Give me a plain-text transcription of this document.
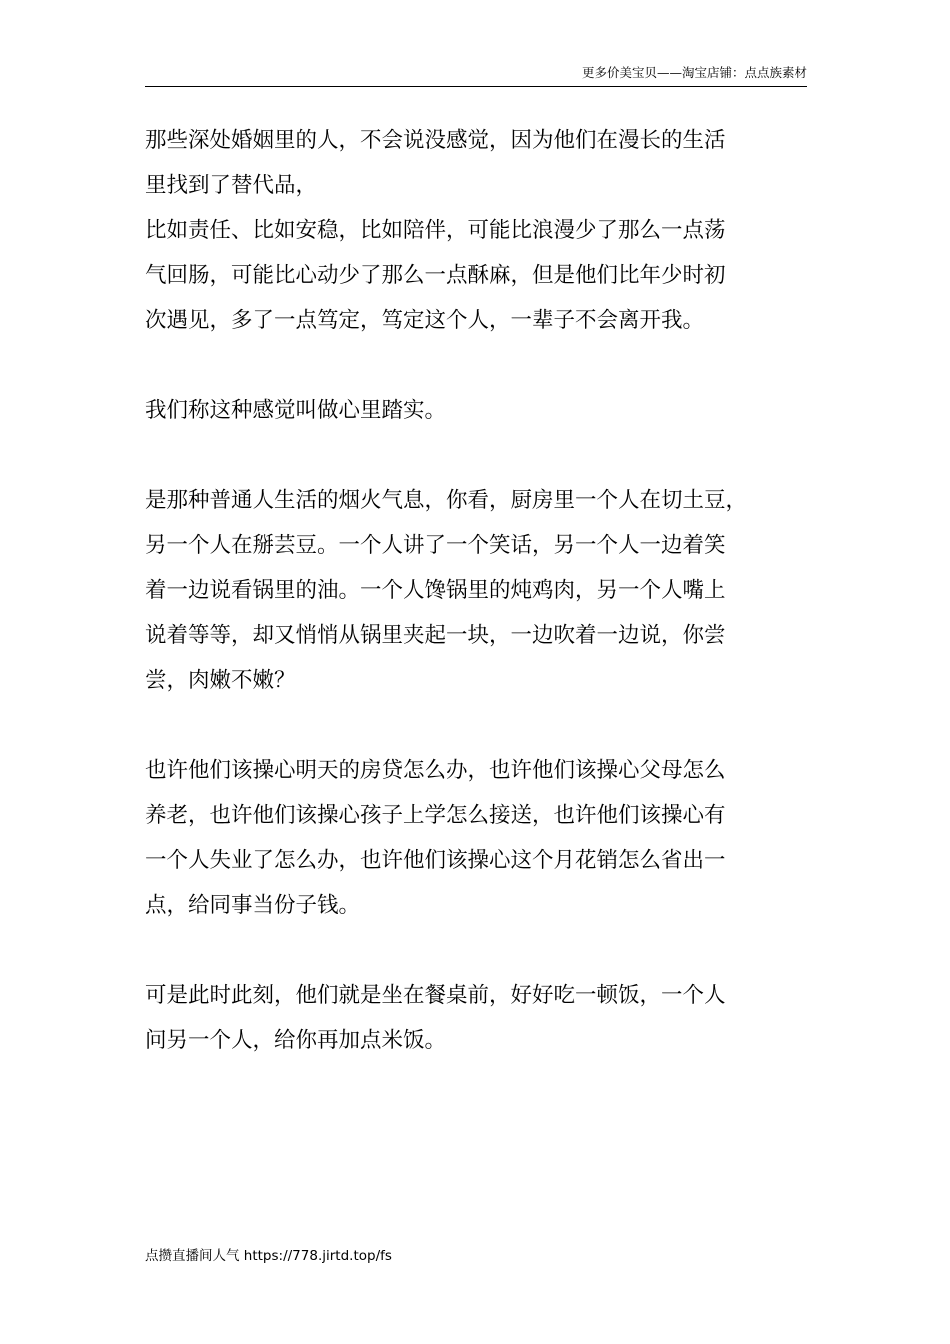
更多价美宝贝——淘宝店铺：点点族素材

那些深处婚姻里的人，不会说没感觉，因为他们在漫长的生活
里找到了替代品，

比如责任、比如安稳，比如陪伴，可能比浪漫少了那么一点荡
气回肠，可能比心动少了那么一点酥麻，但是他们比年少时初
次遇见，多了一点笃定，笃定这个人，一辈子不会离开我。

我们称这种感觉叫做心里踏实。

是那种普通人生活的烟火气息，你看，厨房里一个人在切土豆，
另一个人在掰芸豆。一个人讲了一个笑话，另一个人一边着笑
着一边说看锅里的油。一个人馋锅里的炖鸡肉，另一个人嘴上
说着等等，却又悄悄从锅里夹起一块，一边吹着一边说，你尝
尝，肉嫩不嫩？

也许他们该操心明天的房贷怎么办，也许他们该操心父母怎么
养老，也许他们该操心孩子上学怎么接送，也许他们该操心有
一个人失业了怎么办，也许他们该操心这个月花销怎么省出一
点，给同事当份子钱。

可是此时此刻，他们就是坐在餐桌前，好好吃一顿饭，一个人
问另一个人，给你再加点米饭。

点攒直播间人气 https://778.jirtd.top/fs
